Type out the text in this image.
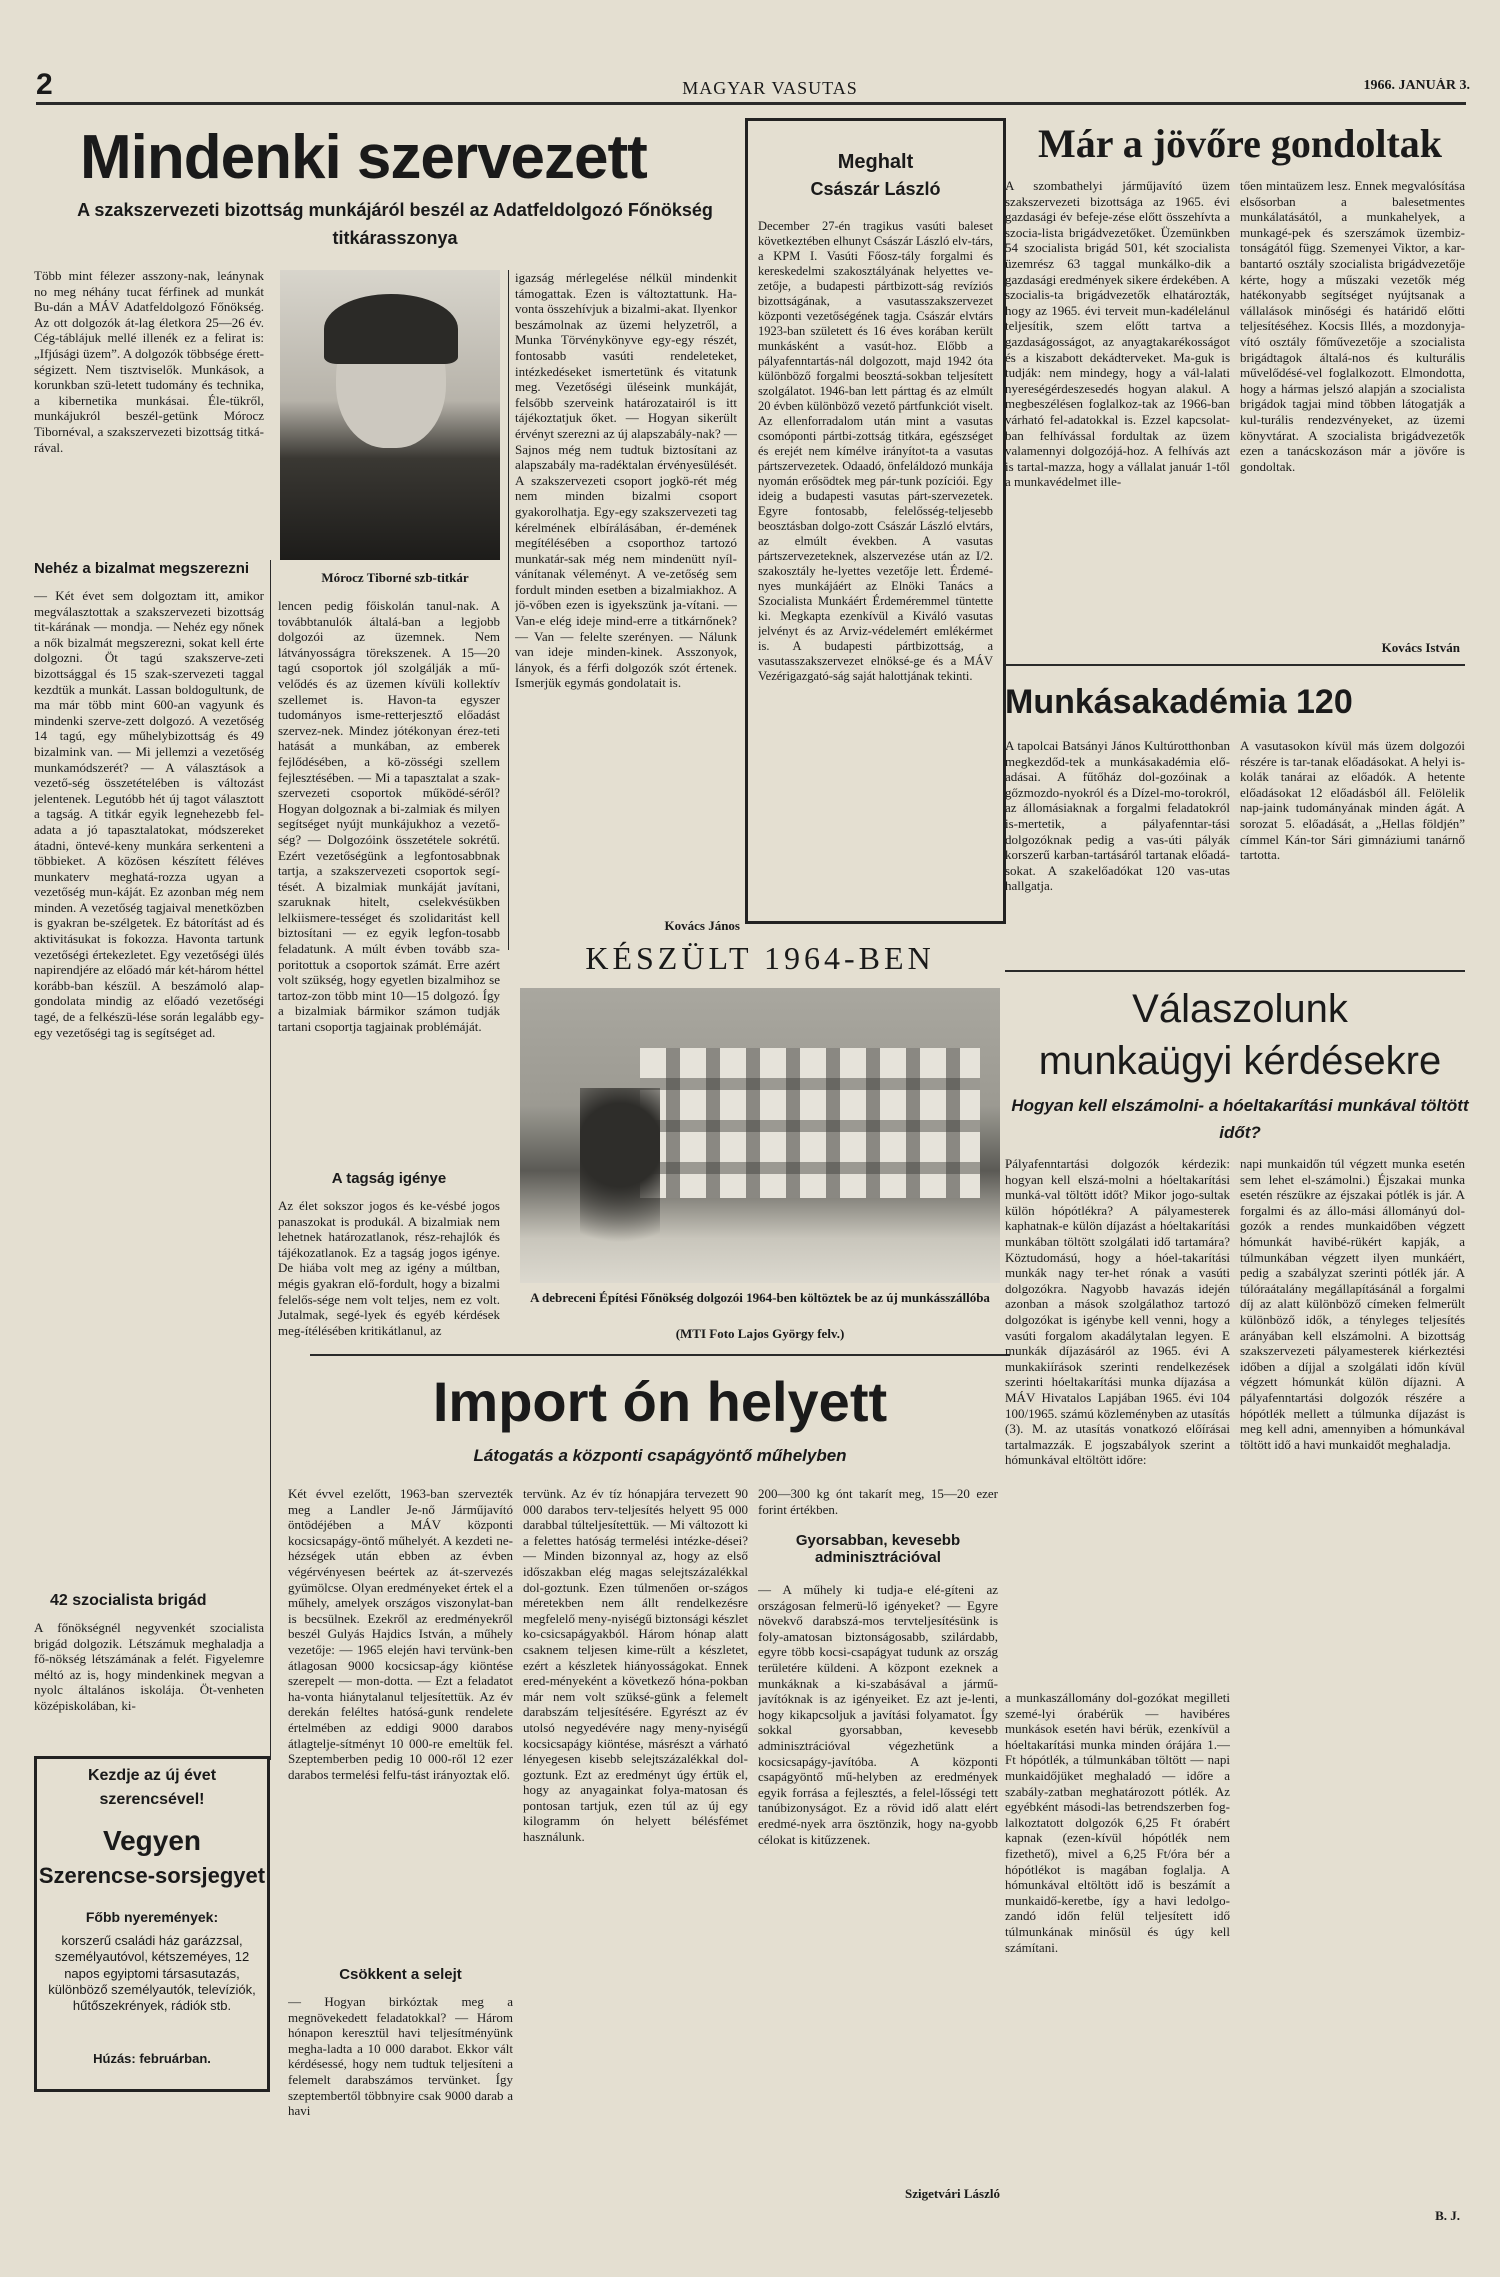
2	MAGYAR VASUTAS	1966. JANUÁR 3.
Mindenki szervezett
A szakszervezeti bizottság munkájáról beszél az Adatfeldolgozó Főnökség titkárasszonya
Több mint félezer asszony-nak, leánynak no meg néhány tucat férfinek ad munkát Bu-dán a MÁV Adatfeldolgozó Főnökség. Az ott dolgozók át-lag életkora 25—26 év. Cég-táblájuk mellé illenék ez a felirat is: „Ifjúsági üzem”. A dolgozók többsége érett-ségizett. Nem tisztviselők. Munkások, a korunkban szü-letett tudomány és technika, a kibernetika munkásai. Éle-tükről, munkájukról beszél-getünk Mórocz Tibornéval, a szakszervezeti bizottság titká-rával.
Mórocz Tiborné szb-titkár
Nehéz a bizalmat megszerezni
— Két évet sem dolgoztam itt, amikor megválasztottak a szakszervezeti bizottság tit-kárának — mondja. — Nehéz egy nőnek a nők bizalmát megszerezni, sokat kell érte dolgozni. Öt tagú szakszerve-zeti bizottsággal és 15 szak-szervezeti taggal kezdtük a munkát. Lassan boldogultunk, de ma már több mint 600-an vagyunk és mindenki szerve-zett dolgozó. A vezetőség 14 tagú, egy műhelybizottság és 49 bizalmink van. — Mi jellemzi a vezetőség munkamódszerét? — A választások a vezető-ség összetételében is változást jelentenek. Legutóbb hét új tagot választott a tagság. A titkár egyik legnehezebb fel-adata a jó tapasztalatokat, módszereket átadni, öntevé-keny munkára serkenteni a többieket. A közösen készített féléves munkaterv meghatá-rozza ugyan a vezetőség mun-káját. Ez azonban még nem minden. A vezetőség tagjaival menetközben is gyakran be-szélgetek. Ez bátorítást ad és aktivitásukat is fokozza. Havonta tartunk vezetőségi értekezletet. Egy vezetőségi ülés napirendjére az előadó már két-három héttel korább-ban készül. A beszámoló alap-gondolata mindig az előadó vezetőségi tagé, de a felkészü-lése során legalább egy-egy vezetőségi tag is segítséget ad.
42 szocialista brigád
A főnökségnél negyvenkét szocialista brigád dolgozik. Létszámuk meghaladja a fő-nökség létszámának a felét. Figyelemre méltó az is, hogy mindenkinek megvan a nyolc általános iskolája. Öt-venheten középiskolában, ki-
lencen pedig főiskolán tanul-nak. A továbbtanulók általá-ban a legjobb dolgozói az üzemnek. Nem látványosságra törekszenek. A 15—20 tagú csoportok jól szolgálják a mű-velődés és az üzemen kívüli kollektív szellemet is. Havon-ta egyszer tudományos isme-retterjesztő előadást szervez-nek. Mindez jótékonyan érez-teti hatását a munkában, az emberek fejlődésében, a kö-zösségi szellem fejlesztésében. — Mi a tapasztalat a szak-szervezeti csoportok működé-séről? Hogyan dolgoznak a bi-zalmiak és milyen segítséget nyújt munkájukhoz a vezető-ség? — Dolgozóink összetétele sokrétű. Ezért vezetőségünk a legfontosabbnak tartja, a szakszervezeti csoportok segí-tését. A bizalmiak munkáját javítani, szaruknak hitelt, cselekvésükben lelkiismere-tességet és szolidaritást kell biztosítani — ez egyik legfon-tosabb feladatunk. A múlt évben tovább sza-poritottuk a csoportok számát. Erre azért volt szükség, hogy egyetlen bizalmihoz se tartoz-zon több mint 10—15 dolgozó. Így a bizalmiak bármikor számon tudják tartani csoportja tagjainak problémáját.
A tagság igénye
Az élet sokszor jogos és ke-vésbé jogos panaszokat is produkál. A bizalmiak nem lehetnek határozatlanok, rész-rehajlók és tájékozatlanok. Ez a tagság jogos igénye. De hiába volt meg az igény a múltban, mégis gyakran elő-fordult, hogy a bizalmi felelős-sége nem volt teljes, nem ez volt. Jutalmak, segé-lyek és egyéb kérdések meg-ítélésében kritikátlanul, az
igazság mérlegelése nélkül mindenkit támogattak. Ezen is változtattunk. Ha-vonta összehívjuk a bizalmi-akat. Ilyenkor beszámolnak az üzemi helyzetről, a Munka Törvénykönyve egy-egy részét, fontosabb vasúti rendeleteket, intézkedéseket ismertetünk és vitatunk meg. Vezetőségi üléseink munkáját, felsőbb szerveink határozatairól is itt tájékoztatjuk őket. — Hogyan sikerült érvényt szerezni az új alapszabály-nak? — Sajnos még nem tudtuk biztosítani az alapszabály ma-radéktalan érvényesülését. A szakszervezeti csoport jogkö-rét még nem minden bizalmi csoport gyakorolhatja. Egy-egy szakszervezeti tag kérelmének elbírálásában, ér-demének megítélésében a csoporthoz tartozó munkatár-sak még nem mindenütt nyíl-vánítanak véleményt. A ve-zetőség sem fordult minden esetben a bizalmiakhoz. A jö-vőben ezen is igyekszünk ja-vítani. — Van-e elég ideje mind-erre a titkárnőnek? — Van — felelte szerényen. — Nálunk van ideje minden-kinek. Asszonyok, lányok, és a férfi dolgozók szót értenek. Ismerjük egymás gondolatait is.
Kovács János
Meghalt
Császár László
December 27-én tragikus vasúti baleset következtében elhunyt Császár László elv-társ, a KPM I. Vasúti Főosz-tály forgalmi és kereskedelmi szakosztályának helyettes ve-zetője, a budapesti pártbizott-ság revíziós bizottságának, a vasutasszakszervezet központi vezetőségének tagja. Császár elvtárs 1923-ban született és 16 éves korában került munkásként a vasút-hoz. Előbb a pályafenntartás-nál dolgozott, majd 1942 óta különböző forgalmi beosztá-sokban teljesített szolgálatot. 1946-ban lett párttag és az elmúlt 20 évben különböző vezető pártfunkciót viselt. Az ellenforradalom után mint a vasutas csomóponti pártbi-zottság titkára, egészséget és erejét nem kímélve irányítot-ta a vasutas pártszervezetek. Odaadó, önfeláldozó munkája nyomán erősödtek meg pár-tunk pozíciói. Egy ideig a budapesti vasutas párt-szervezetek. Egyre fontosabb, felelősség-teljesebb beosztásban dolgo-zott Császár László elvtárs, az elmúlt években. A vasutas pártszervezeteknek, alszervezése után az I/2. szakosztály he-lyettes vezetője lett. Érdemé-nyes munkájáért az Elnöki Tanács a Szocialista Munkáért Érdeméremmel tüntette ki. Megkapta ezenkívül a Kiváló vasutas jelvényt és az Arviz-védelemért emlékérmet is. A budapesti pártbizottság, a vasutasszakszervezet elnöksé-ge és a MÁV Vezérigazgató-ság saját halottjának tekinti.
Már a jövőre gondoltak
A szombathelyi járműjavító üzem szakszervezeti bizottsága az 1965. évi gazdasági év befeje-zése előtt összehívta a szocia-lista brigádvezetőket. Üzemünkben 54 szocialista brigád 501, két szocialista üzemrész 63 taggal munkálko-dik a gazdasági eredmények sikere érdekében. A szocialis-ta brigádvezetők elhatározták, hogy az 1965. évi terveit mun-kadélelánul teljesítik, szem előtt tartva a gazdaságosságot, az anyagtakarékosságot és a kiszabott dekádterveket. Ma-guk is tudják: nem mindegy, hogy a vál-lalati nyereségérdeszesedés hogyan alakul. A megbeszélésen foglalkoz-tak az 1966-ban várható fel-adatokkal is. Ezzel kapcsolat-ban felhívással fordultak az üzem valamennyi dolgozójá-hoz. A felhívás azt is tartal-mazza, hogy a vállalat január 1-től a munkavédelmet ille-
tően mintaüzem lesz. Ennek megvalósítása elsősorban a balesetmentes munkálatásától, a munkahelyek, a munkagé-pek és szerszámok üzembiz-tonságától függ. Szemenyei Viktor, a kar-bantartó osztály szocialista brigádvezetője kérte, hogy a műszaki vezetők még hatékonyabb segítséget nyújtsanak a vállalások minőségi és határidő előtti teljesítéséhez. Kocsis Illés, a mozdonyja-vító osztály főművezetője a szocialista brigádtagok általá-nos és kulturális művelődésé-vel foglalkozott. Elmondotta, hogy a hármas jelszó alapján a szocialista brigádok tagjai mind többen látogatják a kul-turális rendezvényeket, az üzemi könyvtárat. A szocialista brigádvezetők ezen a tanácskozáson már a jövőre is gondoltak.
Kovács István
Munkásakadémia 120
A tapolcai Batsányi János Kultúrotthonban megkezdőd-tek a munkásakadémia elő-adásai. A fűtőház dol-gozóinak a gőzmozdo-nyokról és a Dízel-mo-torokról, az állomásiaknak a forgalmi feladatokról is-mertetik, a pályafenntar-tási dolgozóknak pedig a vas-úti pályák korszerű karban-tartásáról tartanak előadá-sokat. A szakelőadókat 120 vas-utas hallgatja.
A vasutasokon kívül más üzem dolgozói részére is tar-tanak előadásokat. A helyi is-kolák tanárai az előadók. A hetente előadásokat 12 előadásból áll. Felölelik nap-jaink tudományának minden ágát. A sorozat 5. előadását, a „Hellas földjén” címmel Kán-tor Sári gimnáziumi tanárnő tartotta.
KÉSZÜLT 1964-BEN
A debreceni Építési Főnökség dolgozói 1964-ben költöztek be az új munkásszállóba
(MTI Foto Lajos György felv.)
Válaszolunk
munkaügyi kérdésekre
Hogyan kell elszámolni- a hóeltakarítási munkával töltött időt?
Pályafenntartási dolgozók kérdezik: hogyan kell elszá-molni a hóeltakarítási munká-val töltött időt? Mikor jogo-sultak külön hópótlékra? A pályamesterek kaphatnak-e külön díjazást a hóeltakarítási munkában töltött szolgálati idő tartamára? Köztudomású, hogy a hóel-takarítási munkák nagy ter-het rónak a vasúti dolgozókra. Nagyobb havazás idején azonban a mások szolgálathoz tartozó dolgozókat is igénybe kell venni, hogy a vasúti forgalom akadálytalan legyen. E munkák díjazásáról az 1965. évi A munkakiírások szerinti rendelkezések szerinti hóeltakarítási munka díjazása a MÁV Hivatalos Lapjában 1965. évi 104 100/1965. számú közleményben az utasítás (3). M. az utasítás vonatkozó előírásai tartalmazzák. E jogszabályok szerint a hómunkával eltöltött időre:
a munkaszállomány dol-gozókat megilleti szemé-lyi órabérük — havibéres munkások esetén havi bérük, ezenkívül a hóeltakarítási munka minden órájára 1.— Ft hópótlék, a túlmunkában töltött — napi munkaidőjüket meghaladó — időre a szabály-zatban meghatározott pótlék. Az egyébként másodi-las betrendszerben fog-lalkoztatott dolgozók 6,25 Ft órabért kapnak (ezen-kívül hópótlék nem fizethető), mivel a 6,25 Ft/óra bér a hópótlékot is magában foglalja. A hómunkával eltöltött idő is beszámít a munkaidő-keretbe, így a havi ledolgo-zandó időn felül teljesített idő túlmunkának minősül és úgy kell számítani.
napi munkaidőn túl végzett munka esetén sem lehet el-számolni.) Éjszakai munka esetén részükre az éjszakai pótlék is jár. A forgalmi és az állo-mási állományú dol-gozók a rendes munkaidőben végzett hómunkát havibé-rükért kapják, a túlmunkában végzett ilyen munkáért, pedig a szabályzat szerinti pótlék jár. A túlóraátalány megállapításánál a forgalmi díj az alatt különböző címeken felmerült különböző idők, a tényleges teljesítés arányában kell elszámolni. A bizottság szakszervezeti pályamesterek kiérkeztési időben a díjjal a szolgálati időn kívül végzett hómunkát külön díjazni. A pályafenntartási dolgozók részére a hópótlék mellett a túlmunka díjazást is meg kell adni, amennyiben a hómunkával töltött idő a havi munkaidőt meghaladja.
B. J.
Import ón helyett
Látogatás a központi csapágyöntő műhelyben
Két évvel ezelőtt, 1963-ban szervezték meg a Landler Je-nő Járműjavító öntödéjében a MÁV központi kocsicsapágy-öntő műhelyét. A kezdeti ne-hézségek után ebben az évben végérvényesen beértek az át-szervezés gyümölcse. Olyan eredményeket értek el a műhely, amelyek országos viszonylat-ban is becsülnek. Ezekről az eredményekről beszél Gulyás Hajdics István, a műhely vezetője: — 1965 elején havi tervünk-ben átlagosan 9000 kocsicsap-ágy kiöntése szerepelt — mon-dotta. — Ezt a feladatot ha-vonta hiánytalanul teljesítettük. Az év derekán feléltes hatósá-gunk rendelete értelmében az eddigi 9000 darabos átlagtelje-sítményt 10 000-re emeltük fel. Szeptemberben pedig 10 000-ről 12 ezer darabos termelési felfu-tást irányoztak elő.
Csökkent a selejt
— Hogyan birkóztak meg a megnövekedett feladatokkal? — Három hónapon keresztül havi teljesítményünk megha-ladta a 10 000 darabot. Ekkor vált kérdésessé, hogy nem tudtuk teljesíteni a felemelt darabszámos tervünket. Így szeptembertől többnyire csak 9000 darab a havi
tervünk. Az év tíz hónapjára tervezett 90 000 darabos terv-teljesítés helyett 95 000 darabbal túlteljesítettük. — Mi változott ki a felettes hatóság termelési intézke-dései? — Minden bizonnyal az, hogy az első időszakban elég magas selejtszázalékkal dol-goztunk. Ezen túlmenően or-szágos méretekben nem állt rendelkezésre megfelelő meny-nyiségű biztonsági készlet ko-csicsapágyakból. Három hónap alatt csaknem teljesen kime-rült a készletet, ezért a készletek hiányosságokat. Ennek ered-ményeként a következő hóna-pokban már nem volt szüksé-günk a felemelt darabszám teljesítésére. Egyrészt az év utolsó negyedévére nagy meny-nyiségű kocsicsapágy kiöntése, másrészt a várható lényegesen kisebb selejtszázalékkal dol-goztunk. Ezt az eredményt úgy értük el, hogy az anyagainkat folya-matosan és pontosan tartjuk, ezen túl az új egy kilogramm ón helyett bélésfémet használunk.
200—300 kg ónt takarít meg, 15—20 ezer forint értékben.
Gyorsabban, kevesebb adminisztrációval
— A műhely ki tudja-e elé-gíteni az országosan felmerü-lő igényeket? — Egyre növekvő darabszá-mos tervteljesítésünk is foly-amatosan biztonságosabb, szilárdabb, egyre több kocsi-csapágyat tudunk az ország területére küldeni. A központ ezeknek a munkáknak a ki-szabásával a jármű-javítóknak is az igényeiket. Ez azt je-lenti, hogy kikapcsoljuk a javítási folyamatot. Így sokkal gyorsabban, kevesebb adminisztrációval végezhetünk a kocsicsapágy-javítóba. A központi csapágyöntő mű-helyben az eredmények egyik forrása a fejlesztés, a felel-lősségi tett tanúbizonyságot. Ez a rövid idő alatt elért eredmé-nyek arra ösztönzik, hogy na-gyobb célokat is kitűzzenek.
Szigetvári László
Kezdje az új évet
szerencsével!
Vegyen
Szerencse-sorsjegyet
Főbb nyeremények:
korszerű családi ház garázzsal, személyautóvol, kétszeméyes, 12 napos egyiptomi társasutazás, különböző személyautók, televíziók, hűtőszekrények, rádiók stb.
Húzás: februárban.
